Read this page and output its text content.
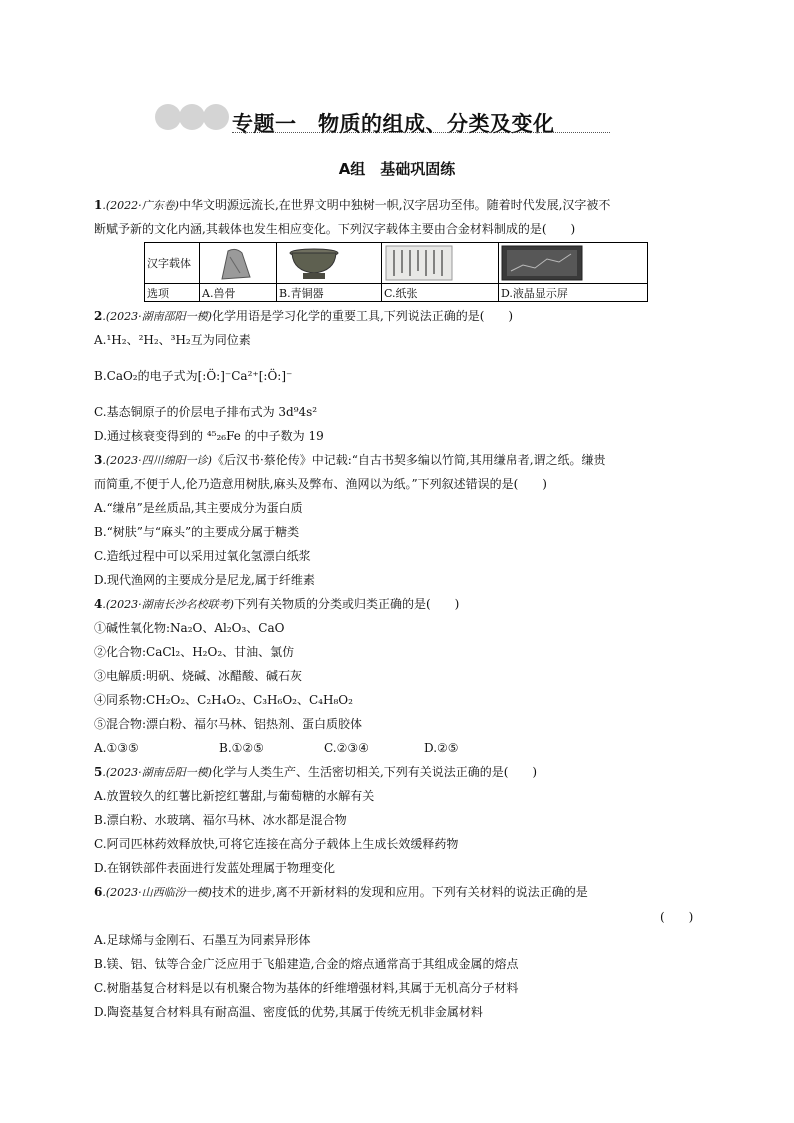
专题一　物质的组成、分类及变化
A组　基础巩固练
1.(2022·广东卷)中华文明源远流长,在世界文明中独树一帜,汉字居功至伟。随着时代发展,汉字被不
断赋予新的文化内涵,其载体也发生相应变化。下列汉字载体主要由合金材料制成的是(　　)
汉字载体	

选项	A.兽骨	B.青铜器	C.纸张	D.液晶显示屏
2.(2023·湖南邵阳一模)化学用语是学习化学的重要工具,下列说法正确的是(　　)
A.¹H₂、²H₂、³H₂互为同位素
B.CaO₂的电子式为[:Ö:]⁻Ca²⁺[:Ö:]⁻
C.基态铜原子的价层电子排布式为 3d⁹4s²
D.通过核衰变得到的 ⁴⁵₂₆Fe 的中子数为 19
3.(2023·四川绵阳一诊)《后汉书·蔡伦传》中记载:“自古书契多编以竹简,其用缣帛者,谓之纸。缣贵
而简重,不便于人,伦乃造意用树肤,麻头及弊布、渔网以为纸。”下列叙述错误的是(　　)
A.“缣帛”是丝质品,其主要成分为蛋白质
B.“树肤”与“麻头”的主要成分属于糖类
C.造纸过程中可以采用过氧化氢漂白纸浆
D.现代渔网的主要成分是尼龙,属于纤维素
4.(2023·湖南长沙名校联考)下列有关物质的分类或归类正确的是(　　)
①碱性氧化物:Na₂O、Al₂O₃、CaO
②化合物:CaCl₂、H₂O₂、甘油、氯仿
③电解质:明矾、烧碱、冰醋酸、碱石灰
④同系物:CH₂O₂、C₂H₄O₂、C₃H₆O₂、C₄H₈O₂
⑤混合物:漂白粉、福尔马林、铝热剂、蛋白质胶体
A.①③⑤	B.①②⑤	C.②③④	D.②⑤
5.(2023·湖南岳阳一模)化学与人类生产、生活密切相关,下列有关说法正确的是(　　)
A.放置较久的红薯比新挖红薯甜,与葡萄糖的水解有关
B.漂白粉、水玻璃、福尔马林、冰水都是混合物
C.阿司匹林药效释放快,可将它连接在高分子载体上生成长效缓释药物
D.在钢铁部件表面进行发蓝处理属于物理变化
6.(2023·山西临汾一模)技术的进步,离不开新材料的发现和应用。下列有关材料的说法正确的是
(　　)
A.足球烯与金刚石、石墨互为同素异形体
B.镁、铝、钛等合金广泛应用于飞船建造,合金的熔点通常高于其组成金属的熔点
C.树脂基复合材料是以有机聚合物为基体的纤维增强材料,其属于无机高分子材料
D.陶瓷基复合材料具有耐高温、密度低的优势,其属于传统无机非金属材料
